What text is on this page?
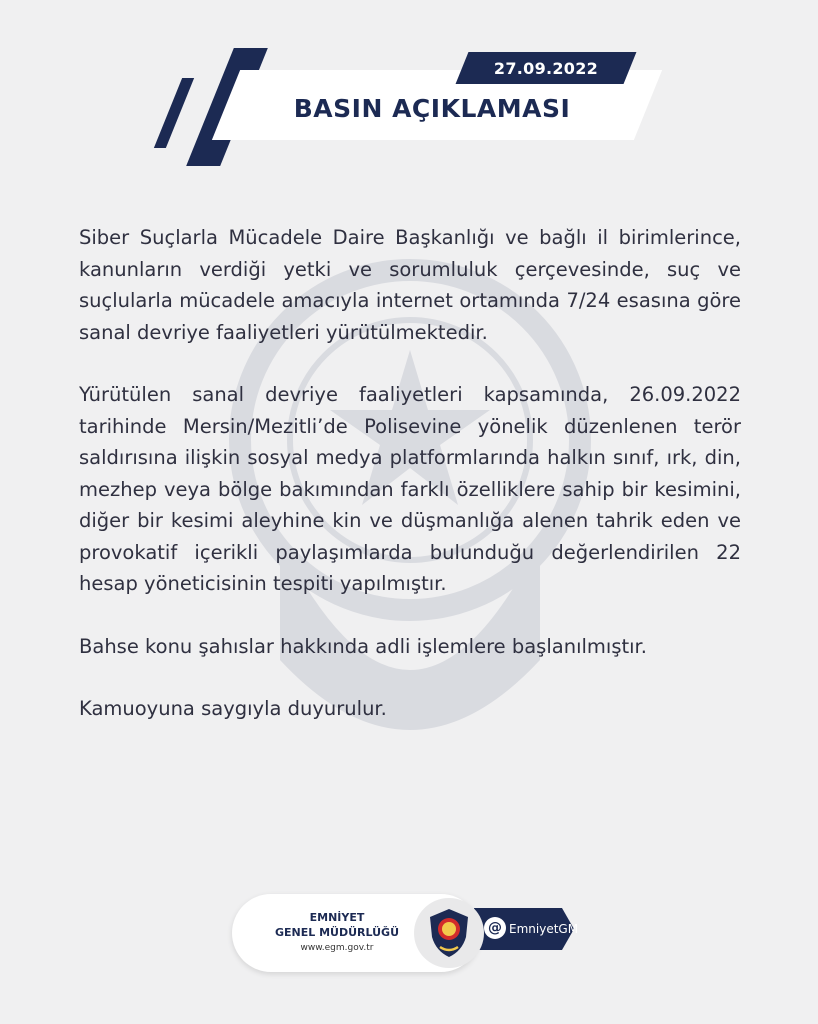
27.09.2022
BASIN AÇIKLAMASI

Siber Suçlarla Mücadele Daire Başkanlığı ve bağlı il birimlerince, kanunların verdiği yetki ve sorumluluk çerçevesinde, suç ve suçlularla mücadele amacıyla internet ortamında 7/24 esasına göre sanal devriye faaliyetleri yürütülmektedir.

Yürütülen sanal devriye faaliyetleri kapsamında, 26.09.2022 tarihinde Mersin/Mezitli’de Polisevine yönelik düzenlenen terör saldırısına ilişkin sosyal medya platformlarında halkın sınıf, ırk, din, mezhep veya bölge bakımından farklı özelliklere sahip bir kesimini, diğer bir kesimi aleyhine kin ve düşmanlığa alenen tahrik eden ve provokatif içerikli paylaşımlarda bulunduğu değerlendirilen 22 hesap yöneticisinin tespiti yapılmıştır.

Bahse konu şahıslar hakkında adli işlemlere başlanılmıştır.

Kamuoyuna saygıyla duyurulur.

EMNİYET
GENEL MÜDÜRLÜĞÜ
www.egm.gov.tr
@ EmniyetGM
